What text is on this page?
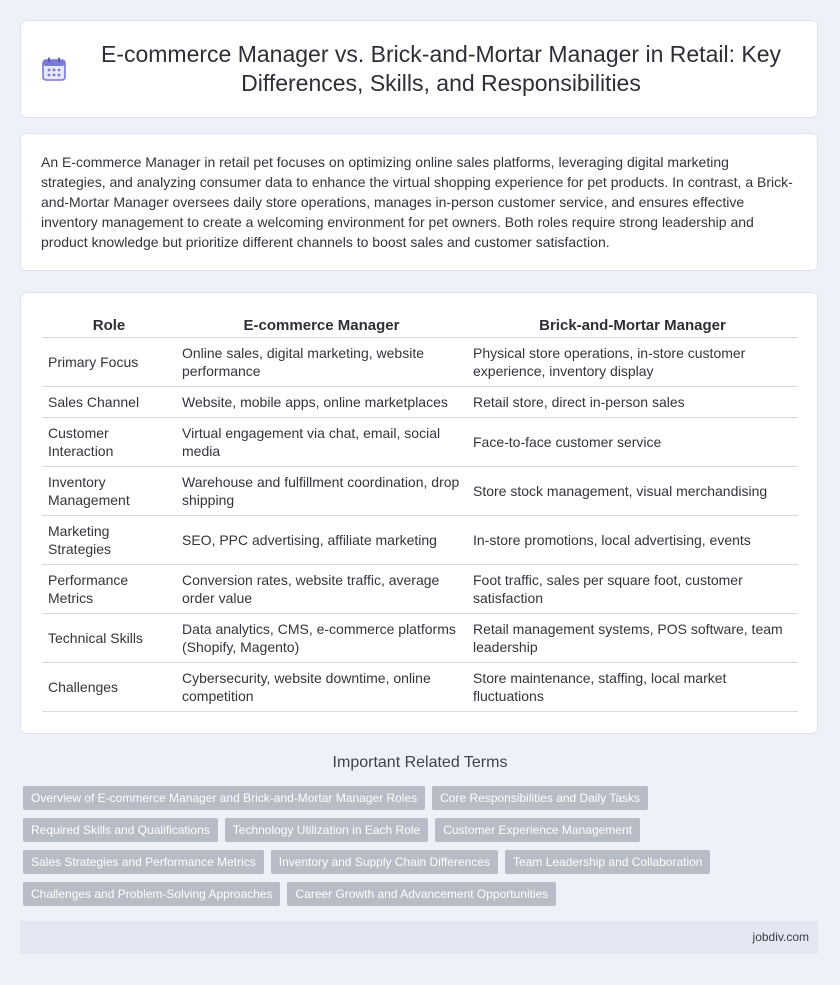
E-commerce Manager vs. Brick-and-Mortar Manager in Retail: Key Differences, Skills, and Responsibilities

An E-commerce Manager in retail pet focuses on optimizing online sales platforms, leveraging digital marketing strategies, and analyzing consumer data to enhance the virtual shopping experience for pet products. In contrast, a Brick-and-Mortar Manager oversees daily store operations, manages in-person customer service, and ensures effective inventory management to create a welcoming environment for pet owners. Both roles require strong leadership and product knowledge but prioritize different channels to boost sales and customer satisfaction.

Role	E-commerce Manager	Brick-and-Mortar Manager
Primary Focus	Online sales, digital marketing, website performance	Physical store operations, in-store customer experience, inventory display
Sales Channel	Website, mobile apps, online marketplaces	Retail store, direct in-person sales
Customer Interaction	Virtual engagement via chat, email, social media	Face-to-face customer service
Inventory Management	Warehouse and fulfillment coordination, drop shipping	Store stock management, visual merchandising
Marketing Strategies	SEO, PPC advertising, affiliate marketing	In-store promotions, local advertising, events
Performance Metrics	Conversion rates, website traffic, average order value	Foot traffic, sales per square foot, customer satisfaction
Technical Skills	Data analytics, CMS, e-commerce platforms (Shopify, Magento)	Retail management systems, POS software, team leadership
Challenges	Cybersecurity, website downtime, online competition	Store maintenance, staffing, local market fluctuations
Important Related Terms
Overview of E-commerce Manager and Brick-and-Mortar Manager Roles	Core Responsibilities and Daily Tasks
Required Skills and Qualifications	Technology Utilization in Each Role	Customer Experience Management
Sales Strategies and Performance Metrics	Inventory and Supply Chain Differences	Team Leadership and Collaboration
Challenges and Problem-Solving Approaches	Career Growth and Advancement Opportunities
jobdiv.com
